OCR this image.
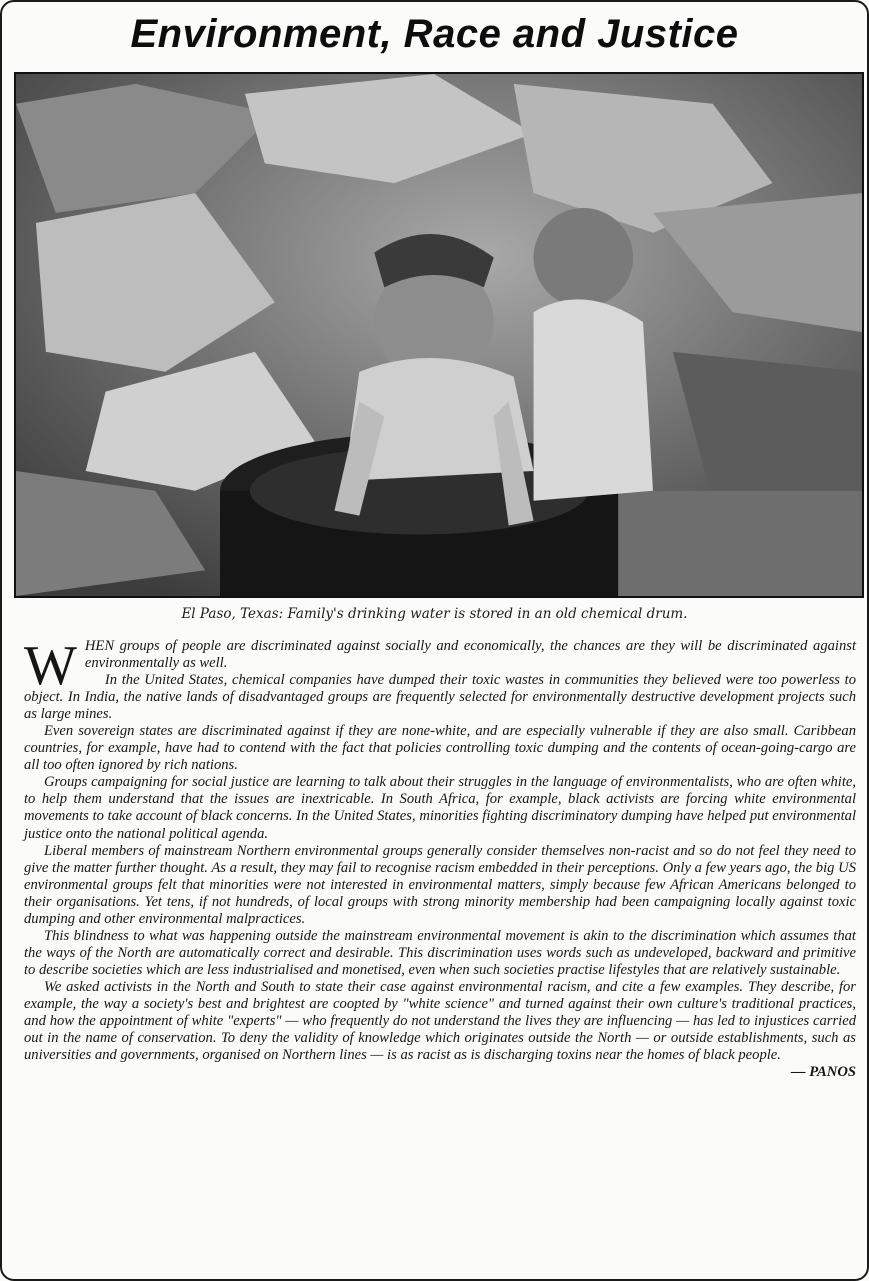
Environment, Race and Justice

El Paso, Texas: Family's drinking water is stored in an old chemical drum.

WHEN groups of people are discriminated against socially and economically, the chances are they will be discriminated against environmentally as well.

In the United States, chemical companies have dumped their toxic wastes in communities they believed were too powerless to object. In India, the native lands of disadvantaged groups are frequently selected for environmentally destructive development projects such as large mines.

Even sovereign states are discriminated against if they are none-white, and are especially vulnerable if they are also small. Caribbean countries, for example, have had to contend with the fact that policies controlling toxic dumping and the contents of ocean-going-cargo are all too often ignored by rich nations.

Groups campaigning for social justice are learning to talk about their struggles in the language of environmentalists, who are often white, to help them understand that the issues are inextricable. In South Africa, for example, black activists are forcing white environmental movements to take account of black concerns. In the United States, minorities fighting discriminatory dumping have helped put environmental justice onto the national political agenda.

Liberal members of mainstream Northern environmental groups generally consider themselves non-racist and so do not feel they need to give the matter further thought. As a result, they may fail to recognise racism embedded in their perceptions. Only a few years ago, the big US environmental groups felt that minorities were not interested in environmental matters, simply because few African Americans belonged to their organisations. Yet tens, if not hundreds, of local groups with strong minority membership had been campaigning locally against toxic dumping and other environmental malpractices.

This blindness to what was happening outside the mainstream environmental movement is akin to the discrimination which assumes that the ways of the North are automatically correct and desirable. This discrimination uses words such as undeveloped, backward and primitive to describe societies which are less industrialised and monetised, even when such societies practise lifestyles that are relatively sustainable.

We asked activists in the North and South to state their case against environmental racism, and cite a few examples. They describe, for example, the way a society's best and brightest are coopted by "white science" and turned against their own culture's traditional practices, and how the appointment of white "experts" — who frequently do not understand the lives they are influencing — has led to injustices carried out in the name of conservation. To deny the validity of knowledge which originates outside the North — or outside establishments, such as universities and governments, organised on Northern lines — is as racist as is discharging toxins near the homes of black people.
— PANOS
